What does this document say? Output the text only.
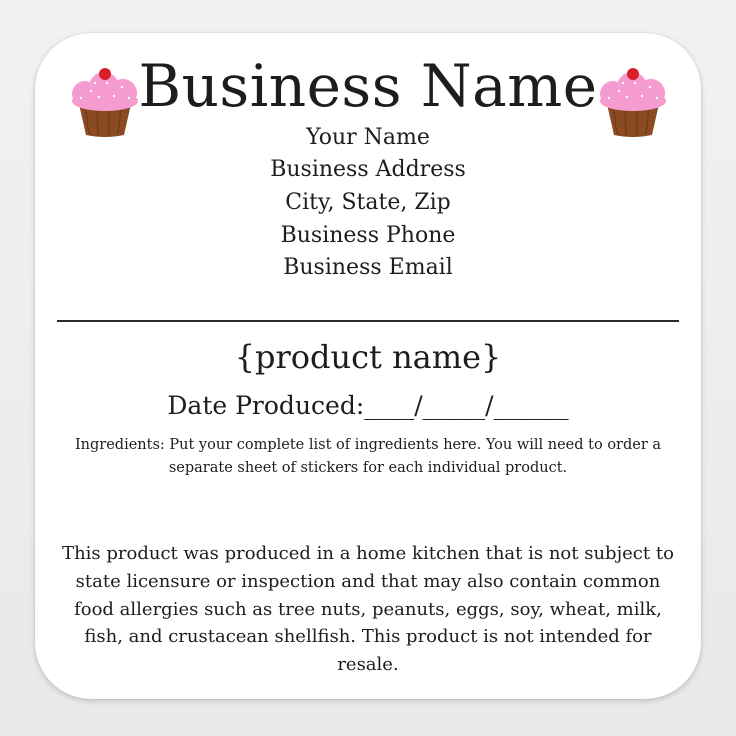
Business Name
Your Name
Business Address
City, State, Zip
Business Phone
Business Email
{product name}
Date Produced:____/_____/______
Ingredients: Put your complete list of ingredients here. You will need to order a separate sheet of stickers for each individual product.
This product was produced in a home kitchen that is not subject to state licensure or inspection and that may also contain common food allergies such as tree nuts, peanuts, eggs, soy, wheat, milk, fish, and crustacean shellfish. This product is not intended for resale.
